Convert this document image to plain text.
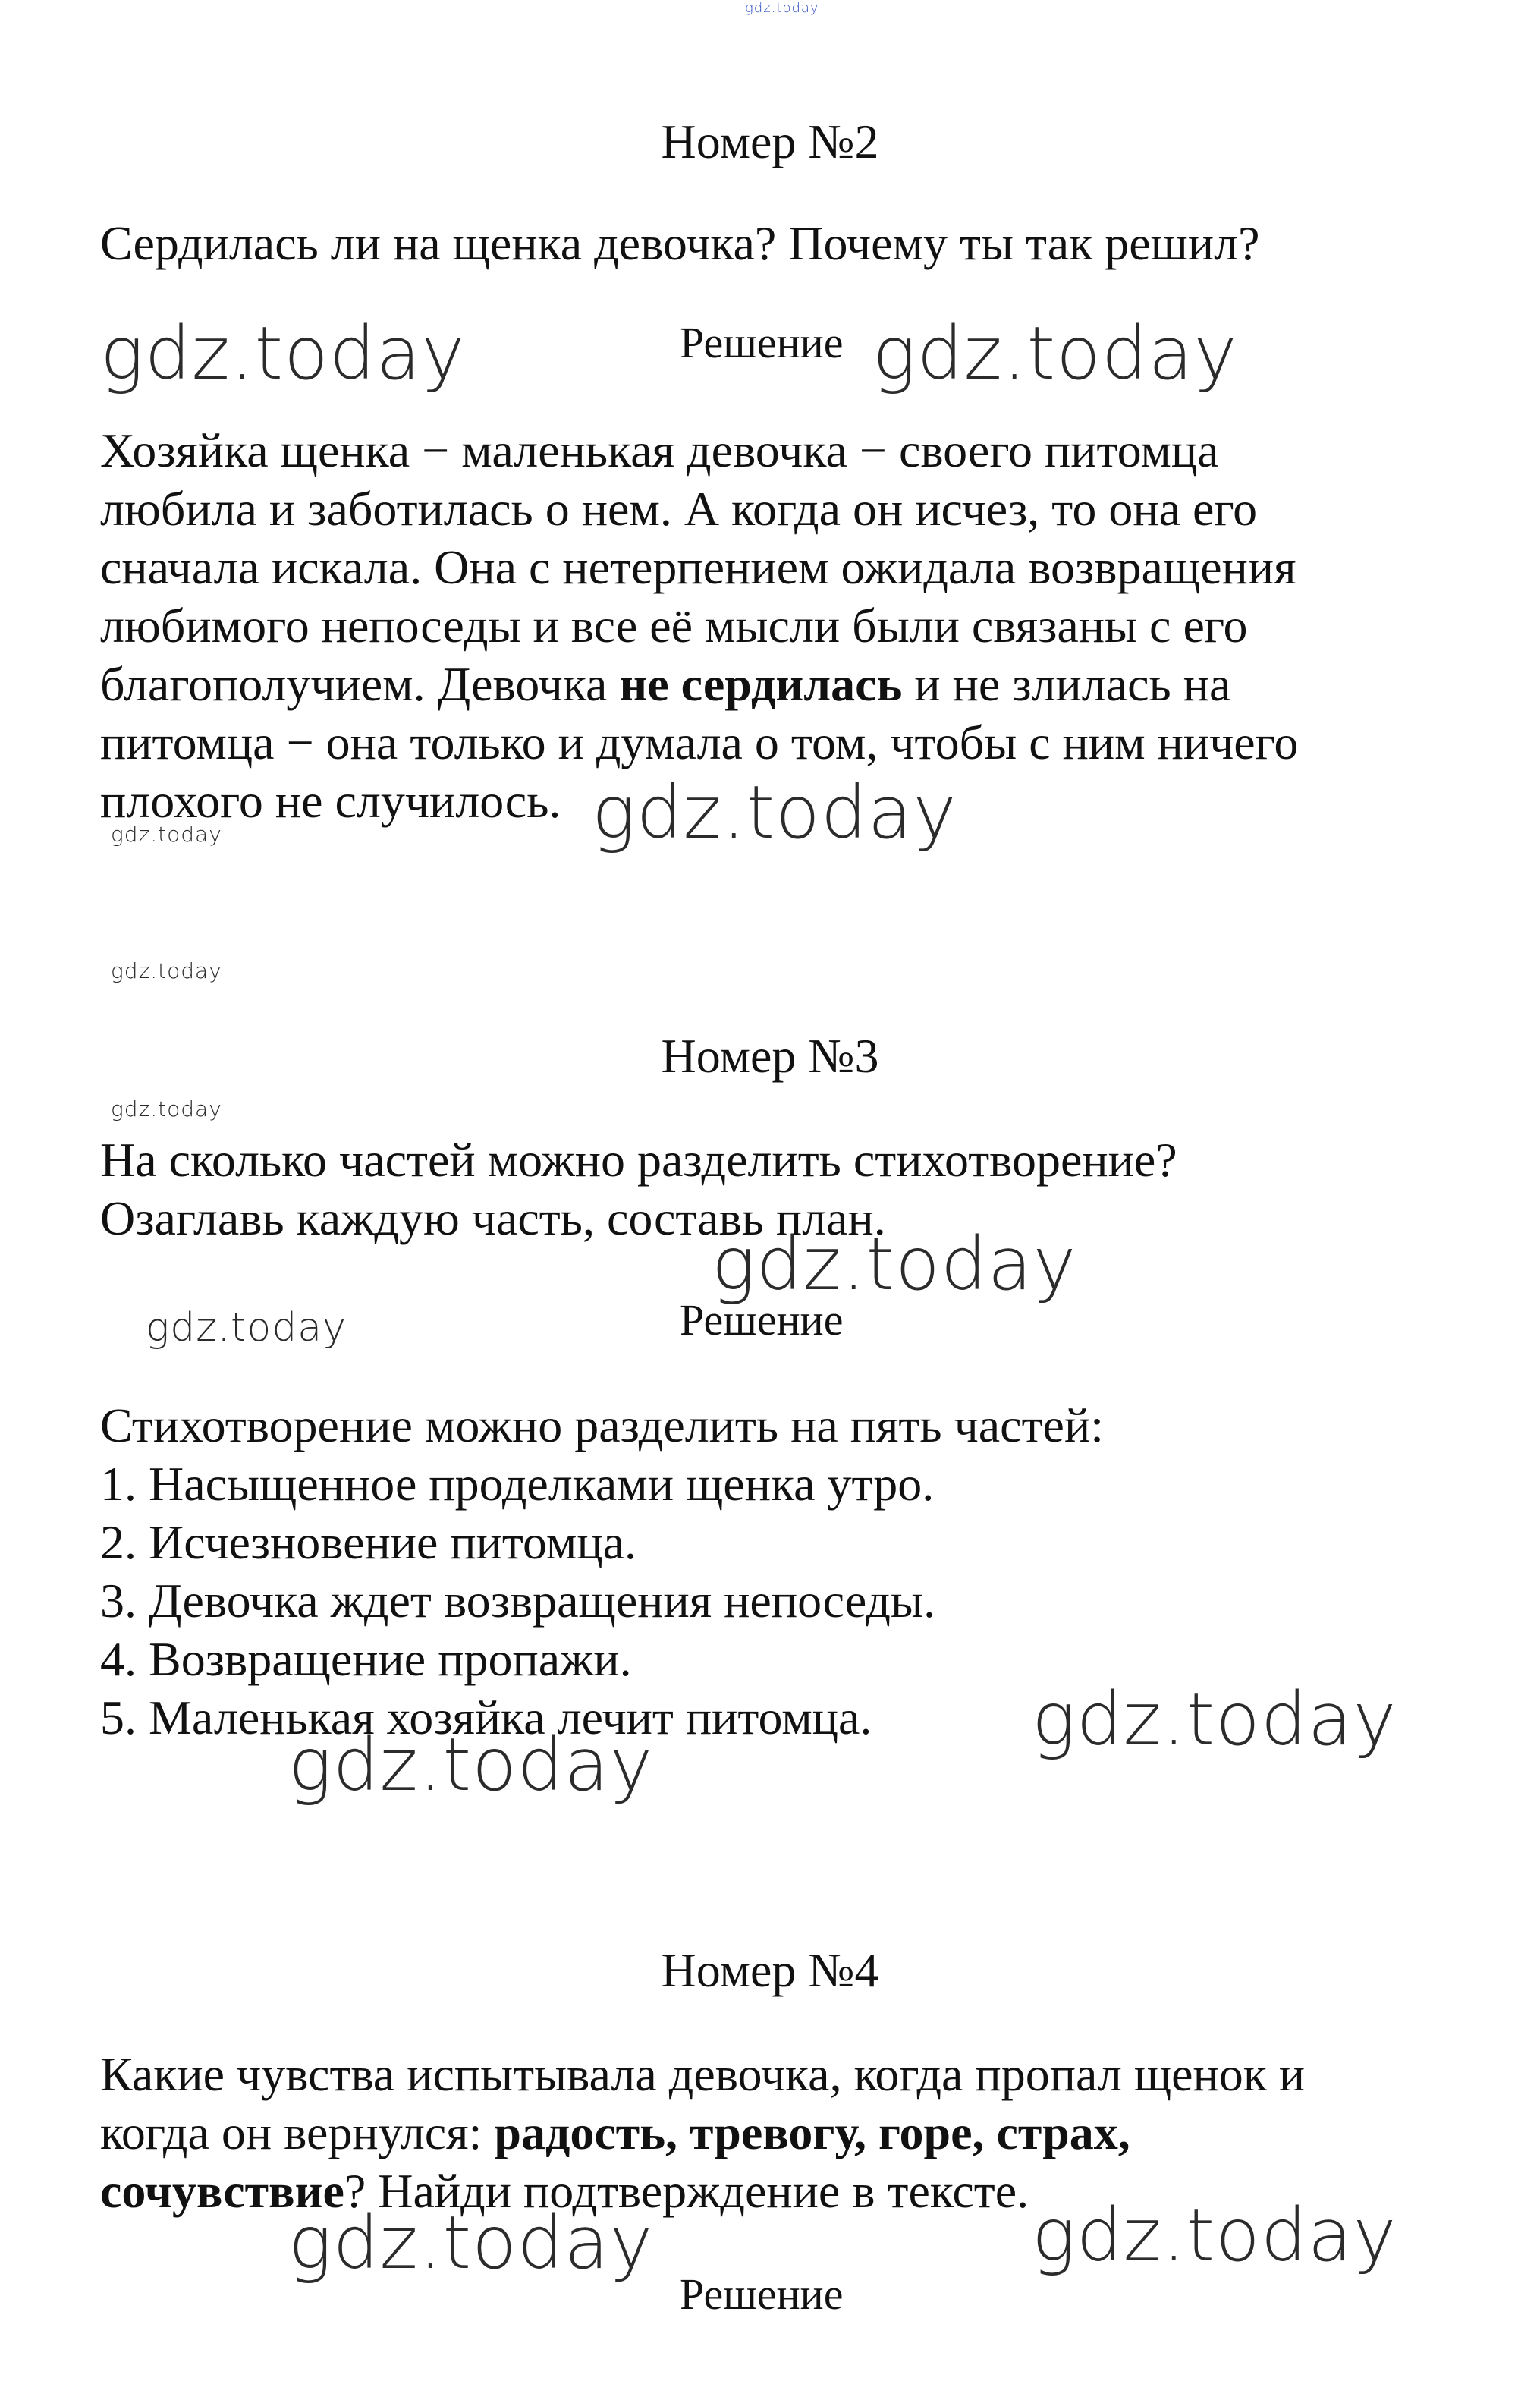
gdz.today
Номер №2
Сердилась ли на щенка девочка? Почему ты так решил?
Решение
Хозяйка щенка − маленькая девочка − своего питомца
любила и заботилась о нем. А когда он исчез, то она его
сначала искала. Она с нетерпением ожидала возвращения
любимого непоседы и все её мысли были связаны с его
благополучием. Девочка не сердилась и не злилась на
питомца − она только и думала о том, чтобы с ним ничего
плохого не случилось.
Номер №3
На сколько частей можно разделить стихотворение?
Озаглавь каждую часть, составь план.
Решение
Стихотворение можно разделить на пять частей:
1. Насыщенное проделками щенка утро.
2. Исчезновение питомца.
3. Девочка ждет возвращения непоседы.
4. Возвращение пропажи.
5. Маленькая хозяйка лечит питомца.
Номер №4
Какие чувства испытывала девочка, когда пропал щенок и
когда он вернулся: радость, тревогу, горе, страх,
сочувствие? Найди подтверждение в тексте.
Решение
gdz.today	gdz.today
gdz.today
gdz.today
gdz.today
gdz.today
gdz.today
gdz.today
gdz.today
gdz.today
gdz.today	gdz.today
